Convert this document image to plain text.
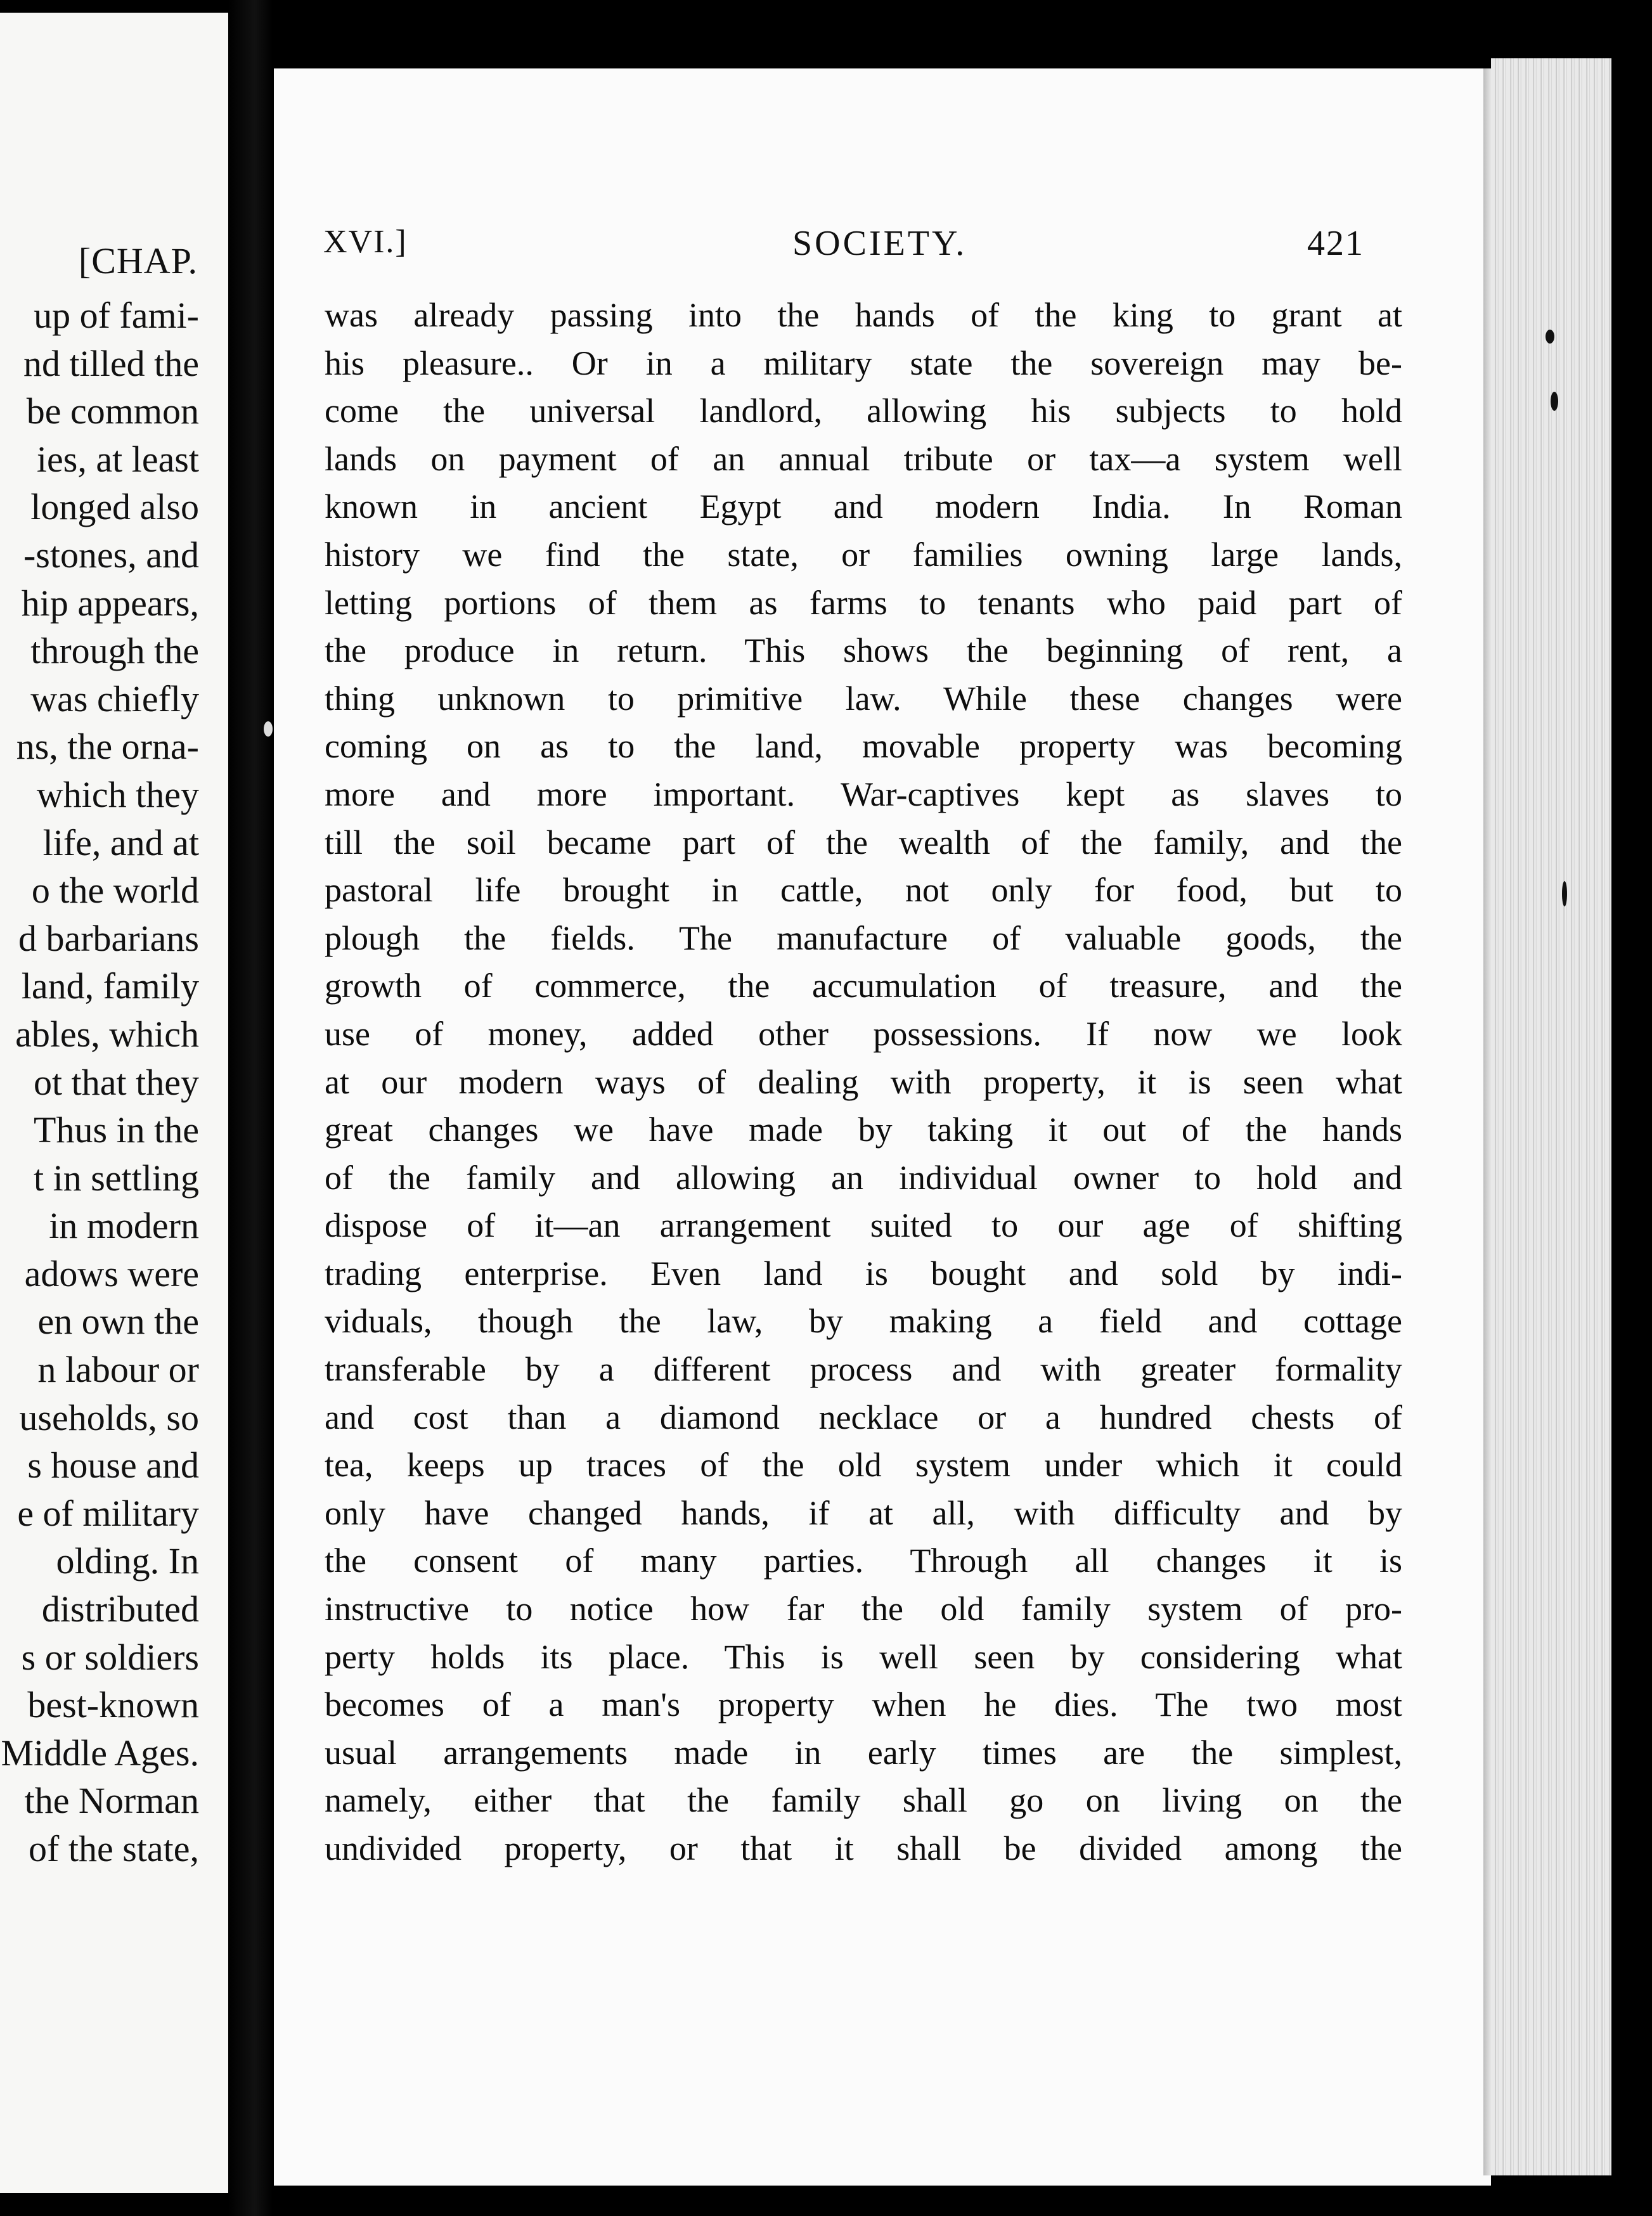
[CHAP.
up of fami-
nd tilled the
be common
ies, at least
longed also
-stones, and
hip appears,
through the
was chiefly
ns, the orna-
which they
life, and at
o the world
d barbarians
land, family
ables, which
ot that they
Thus in the
t in settling
in modern
adows were
en own the
n labour or
useholds, so
s house and
e of military
olding. In
distributed
s or soldiers
best-known
Middle Ages.
the Norman
of the state,
XVI.]	SOCIETY.	421
was already passing into the hands of the king to grant at
his pleasure.. Or in a military state the sovereign may be-
come the universal landlord, allowing his subjects to hold
lands on payment of an annual tribute or tax—a system well
known in ancient Egypt and modern India. In Roman
history we find the state, or families owning large lands,
letting portions of them as farms to tenants who paid part of
the produce in return. This shows the beginning of rent, a
thing unknown to primitive law. While these changes were
coming on as to the land, movable property was becoming
more and more important. War-captives kept as slaves to
till the soil became part of the wealth of the family, and the
pastoral life brought in cattle, not only for food, but to
plough the fields. The manufacture of valuable goods, the
growth of commerce, the accumulation of treasure, and the
use of money, added other possessions. If now we look
at our modern ways of dealing with property, it is seen what
great changes we have made by taking it out of the hands
of the family and allowing an individual owner to hold and
dispose of it—an arrangement suited to our age of shifting
trading enterprise. Even land is bought and sold by indi-
viduals, though the law, by making a field and cottage
transferable by a different process and with greater formality
and cost than a diamond necklace or a hundred chests of
tea, keeps up traces of the old system under which it could
only have changed hands, if at all, with difficulty and by
the consent of many parties. Through all changes it is
instructive to notice how far the old family system of pro-
perty holds its place. This is well seen by considering what
becomes of a man's property when he dies. The two most
usual arrangements made in early times are the simplest,
namely, either that the family shall go on living on the
undivided property, or that it shall be divided among the
